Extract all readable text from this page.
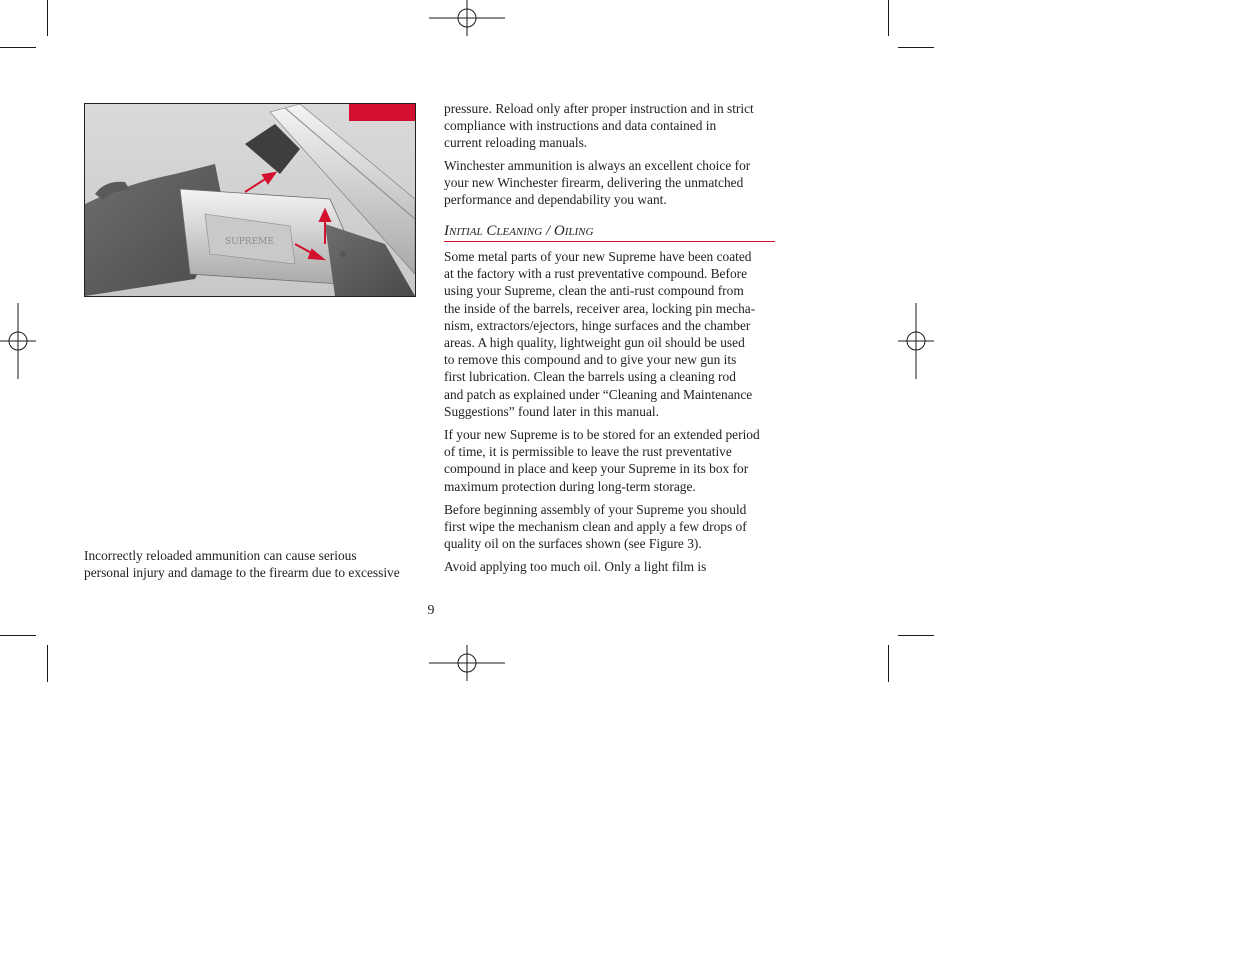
SUPREME

Incorrectly reloaded ammunition can cause serious
personal injury and damage to the firearm due to excessive

pressure. Reload only after proper instruction and in strict
compliance with instructions and data contained in
current reloading manuals.

Winchester ammunition is always an excellent choice for
your new Winchester firearm, delivering the unmatched
performance and dependability you want.

Initial Cleaning / Oiling

Some metal parts of your new Supreme have been coated
at the factory with a rust preventative compound. Before
using your Supreme, clean the anti-rust compound from
the inside of the barrels, receiver area, locking pin mecha-
nism, extractors/ejectors, hinge surfaces and the chamber
areas. A high quality, lightweight gun oil should be used
to remove this compound and to give your new gun its
first lubrication. Clean the barrels using a cleaning rod
and patch as explained under “Cleaning and Maintenance
Suggestions” found later in this manual.

If your new Supreme is to be stored for an extended period
of time, it is permissible to leave the rust preventative
compound in place and keep your Supreme in its box for
maximum protection during long-term storage.

Before beginning assembly of your Supreme you should
first wipe the mechanism clean and apply a few drops of
quality oil on the surfaces shown (see Figure 3).

Avoid applying too much oil. Only a light film is

9
